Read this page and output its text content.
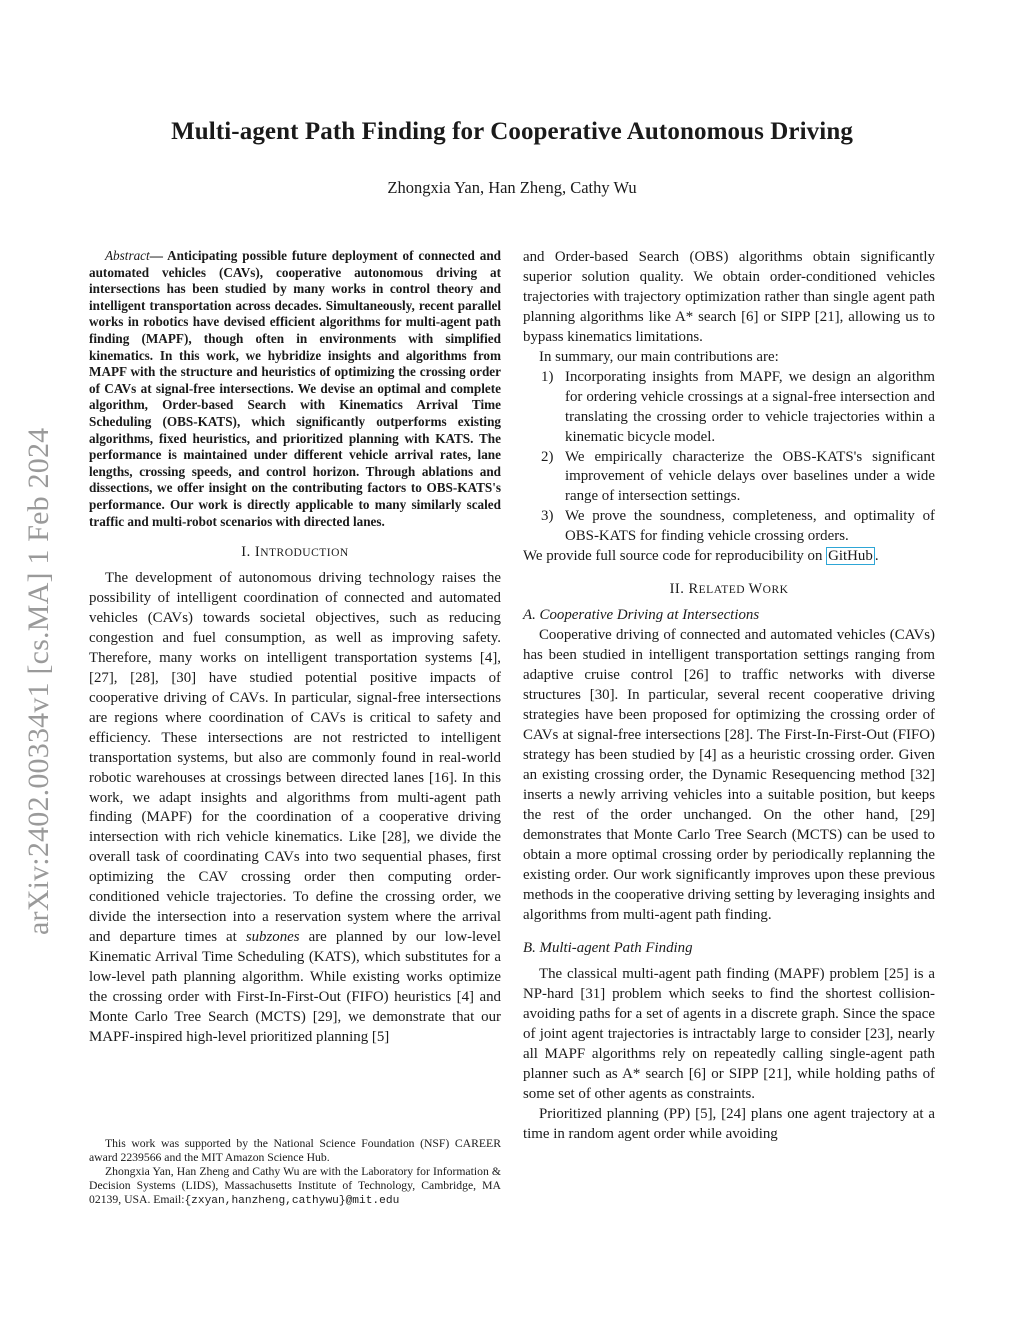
Multi-agent Path Finding for Cooperative Autonomous Driving
Zhongxia Yan, Han Zheng, Cathy Wu
arXiv:2402.00334v1 [cs.MA] 1 Feb 2024

Abstract— Anticipating possible future deployment of connected and automated vehicles (CAVs), cooperative autonomous driving at intersections has been studied by many works in control theory and intelligent transportation across decades. Simultaneously, recent parallel works in robotics have devised efficient algorithms for multi-agent path finding (MAPF), though often in environments with simplified kinematics. In this work, we hybridize insights and algorithms from MAPF with the structure and heuristics of optimizing the crossing order of CAVs at signal-free intersections. We devise an optimal and complete algorithm, Order-based Search with Kinematics Arrival Time Scheduling (OBS-KATS), which significantly outperforms existing algorithms, fixed heuristics, and prioritized planning with KATS. The performance is maintained under different vehicle arrival rates, lane lengths, crossing speeds, and control horizon. Through ablations and dissections, we offer insight on the contributing factors to OBS-KATS's performance. Our work is directly applicable to many similarly scaled traffic and multi-robot scenarios with directed lanes.

I. INTRODUCTION

The development of autonomous driving technology raises the possibility of intelligent coordination of connected and automated vehicles (CAVs) towards societal objectives, such as reducing congestion and fuel consumption, as well as improving safety. Therefore, many works on intelligent transportation systems [4], [27], [28], [30] have studied potential positive impacts of cooperative driving of CAVs. In particular, signal-free intersections are regions where coordination of CAVs is critical to safety and efficiency. These intersections are not restricted to intelligent transportation systems, but also are commonly found in real-world robotic warehouses at crossings between directed lanes [16]. In this work, we adapt insights and algorithms from multi-agent path finding (MAPF) for the coordination of a cooperative driving intersection with rich vehicle kinematics. Like [28], we divide the overall task of coordinating CAVs into two sequential phases, first optimizing the CAV crossing order then computing order-conditioned vehicle trajectories. To define the crossing order, we divide the intersection into a reservation system where the arrival and departure times at subzones are planned by our low-level Kinematic Arrival Time Scheduling (KATS), which substitutes for a low-level path planning algorithm. While existing works optimize the crossing order with First-In-First-Out (FIFO) heuristics [4] and Monte Carlo Tree Search (MCTS) [29], we demonstrate that our MAPF-inspired high-level prioritized planning [5]

and Order-based Search (OBS) algorithms obtain significantly superior solution quality. We obtain order-conditioned vehicles trajectories with trajectory optimization rather than single agent path planning algorithms like A* search [6] or SIPP [21], allowing us to bypass kinematics limitations.

In summary, our main contributions are:

1) Incorporating insights from MAPF, we design an algorithm for ordering vehicle crossings at a signal-free intersection and translating the crossing order to vehicle trajectories within a kinematic bicycle model.
2) We empirically characterize the OBS-KATS's significant improvement of vehicle delays over baselines under a wide range of intersection settings.
3) We prove the soundness, completeness, and optimality of OBS-KATS for finding vehicle crossing orders.

We provide full source code for reproducibility on GitHub .

II. RELATED WORK

A. Cooperative Driving at Intersections

Cooperative driving of connected and automated vehicles (CAVs) has been studied in intelligent transportation settings ranging from adaptive cruise control [26] to traffic networks with diverse structures [30]. In particular, several recent cooperative driving strategies have been proposed for optimizing the crossing order of CAVs at signal-free intersections [28]. The First-In-First-Out (FIFO) strategy has been studied by [4] as a heuristic crossing order. Given an existing crossing order, the Dynamic Resequencing method [32] inserts a newly arriving vehicles into a suitable position, but keeps the rest of the order unchanged. On the other hand, [29] demonstrates that Monte Carlo Tree Search (MCTS) can be used to obtain a more optimal crossing order by periodically replanning the existing order. Our work significantly improves upon these previous methods in the cooperative driving setting by leveraging insights and algorithms from multi-agent path finding.

B. Multi-agent Path Finding

The classical multi-agent path finding (MAPF) problem [25] is a NP-hard [31] problem which seeks to find the shortest collision-avoiding paths for a set of agents in a discrete graph. Since the space of joint agent trajectories is intractably large to consider [23], nearly all MAPF algorithms rely on repeatedly calling single-agent path planner such as A* search [6] or SIPP [21], while holding paths of some set of other agents as constraints.

Prioritized planning (PP) [5], [24] plans one agent trajectory at a time in random agent order while avoiding

This work was supported by the National Science Foundation (NSF) CAREER award 2239566 and the MIT Amazon Science Hub.

Zhongxia Yan, Han Zheng and Cathy Wu are with the Laboratory for Information & Decision Systems (LIDS), Massachusetts Institute of Technology, Cambridge, MA 02139, USA. Email:{zxyan,hanzheng,cathywu}@mit.edu
